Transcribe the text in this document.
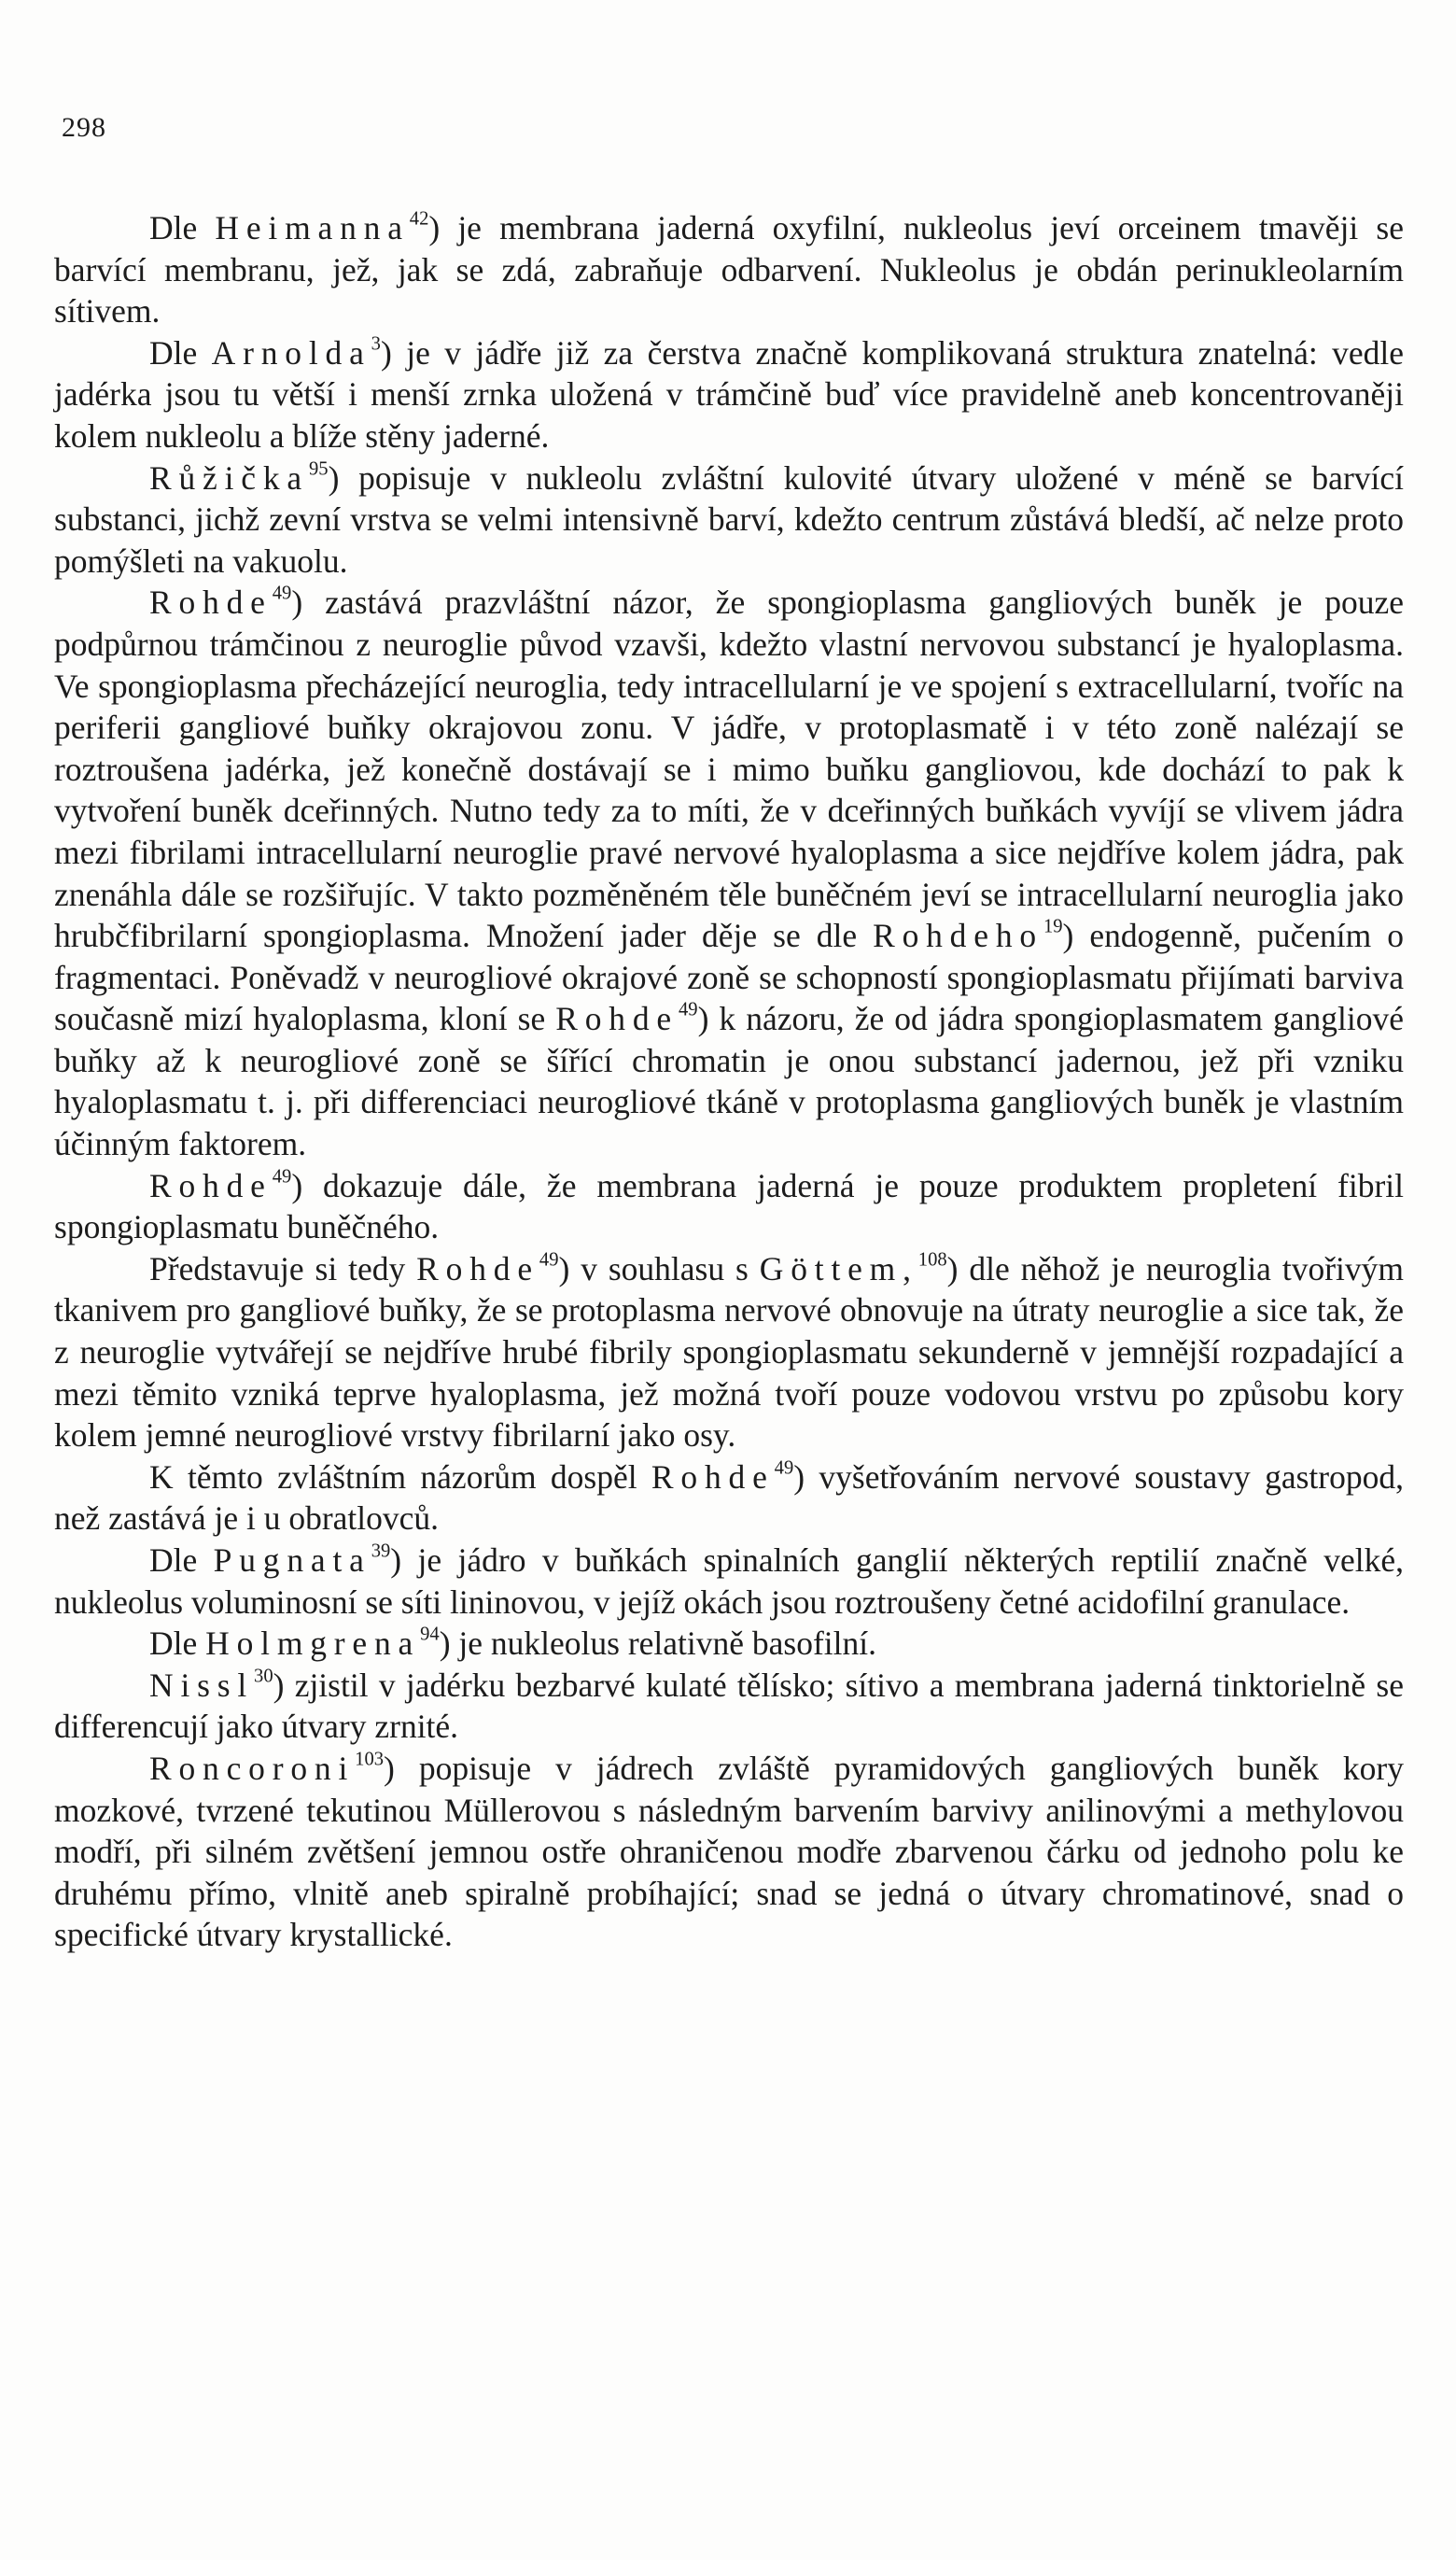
298

Dle Heimanna$^{42}$) je membrana jaderná oxyfilní, nukleolus jeví orceinem tmavěji se barvící membranu, jež, jak se zdá, zabraňuje odbarvení. Nukleolus je obdán perinukleolarním sítivem.

Dle Arnolda$^3$) je v jádře již za čerstva značně komplikovaná struktura znatelná: vedle jadérka jsou tu větší i menší zrnka uložená v trámčině buď více pravidelně aneb koncentrovaněji kolem nukleolu a blíže stěny jaderné.

Růžička$^{95}$) popisuje v nukleolu zvláštní kulovité útvary uložené v méně se barvící substanci, jichž zevní vrstva se velmi intensivně barví, kdežto centrum zůstává bledší, ač nelze proto pomýšleti na vakuolu.

Rohde$^{49}$) zastává prazvláštní názor, že spongioplasma gangliových buněk je pouze podpůrnou trámčinou z neuroglie původ vzavši, kdežto vlastní nervovou substancí je hyaloplasma. Ve spongioplasma přecházející neuroglia, tedy intracellularní je ve spojení s extracellularní, tvoříc na periferii gangliové buňky okrajovou zonu. V jádře, v protoplasmatě i v této zoně nalézají se roztroušena jadérka, jež konečně dostávají se i mimo buňku gangliovou, kde dochází to pak k vytvoření buněk dceřinných. Nutno tedy za to míti, že v dceřinných buňkách vyvíjí se vlivem jádra mezi fibrilami intracellularní neuroglie pravé nervové hyaloplasma a sice nejdříve kolem jádra, pak znenáhla dále se rozšiřujíc. V takto pozměněném těle buněčném jeví se intracellularní neuroglia jako hrubčfibrilarní spongioplasma. Množení jader děje se dle Rohdeho$^{19}$) endogenně, pučením o fragmentaci. Poněvadž v neurogliové okrajové zoně se schopností spongioplasmatu přijímati barviva současně mizí hyaloplasma, kloní se Rohde$^{49}$) k názoru, že od jádra spongioplasmatem gangliové buňky až k neurogliové zoně se šířící chromatin je onou substancí jadernou, jež při vzniku hyaloplasmatu t. j. při differenciaci neurogliové tkáně v protoplasma gangliových buněk je vlastním účinným faktorem.

Rohde$^{49}$) dokazuje dále, že membrana jaderná je pouze produktem propletení fibril spongioplasmatu buněčného.

Představuje si tedy Rohde$^{49}$) v souhlasu s Göttem,$^{108}$) dle něhož je neuroglia tvořivým tkanivem pro gangliové buňky, že se protoplasma nervové obnovuje na útraty neuroglie a sice tak, že z neuroglie vytvářejí se nejdříve hrubé fibrily spongioplasmatu sekunderně v jemnější rozpadající a mezi těmito vzniká teprve hyaloplasma, jež možná tvoří pouze vodovou vrstvu po způsobu kory kolem jemné neurogliové vrstvy fibrilarní jako osy.

K těmto zvláštním názorům dospěl Rohde$^{49}$) vyšetřováním nervové soustavy gastropod, než zastává je i u obratlovců.

Dle Pugnata$^{39}$) je jádro v buňkách spinalních ganglií některých reptilií značně velké, nukleolus voluminosní se síti lininovou, v jejíž okách jsou roztroušeny četné acidofilní granulace.

Dle Holmgrena$^{94}$) je nukleolus relativně basofilní.

Nissl$^{30}$) zjistil v jadérku bezbarvé kulaté tělísko; sítivo a membrana jaderná tinktorielně se differencují jako útvary zrnité.

Roncoroni$^{103}$) popisuje v jádrech zvláště pyramidových gangliových buněk kory mozkové, tvrzené tekutinou Müllerovou s následným barvením barvivy anilinovými a methylovou modří, při silném zvětšení jemnou ostře ohraničenou modře zbarvenou čárku od jednoho polu ke druhému přímo, vlnitě aneb spiralně probíhající; snad se jedná o útvary chromatinové, snad o specifické útvary krystallické.
